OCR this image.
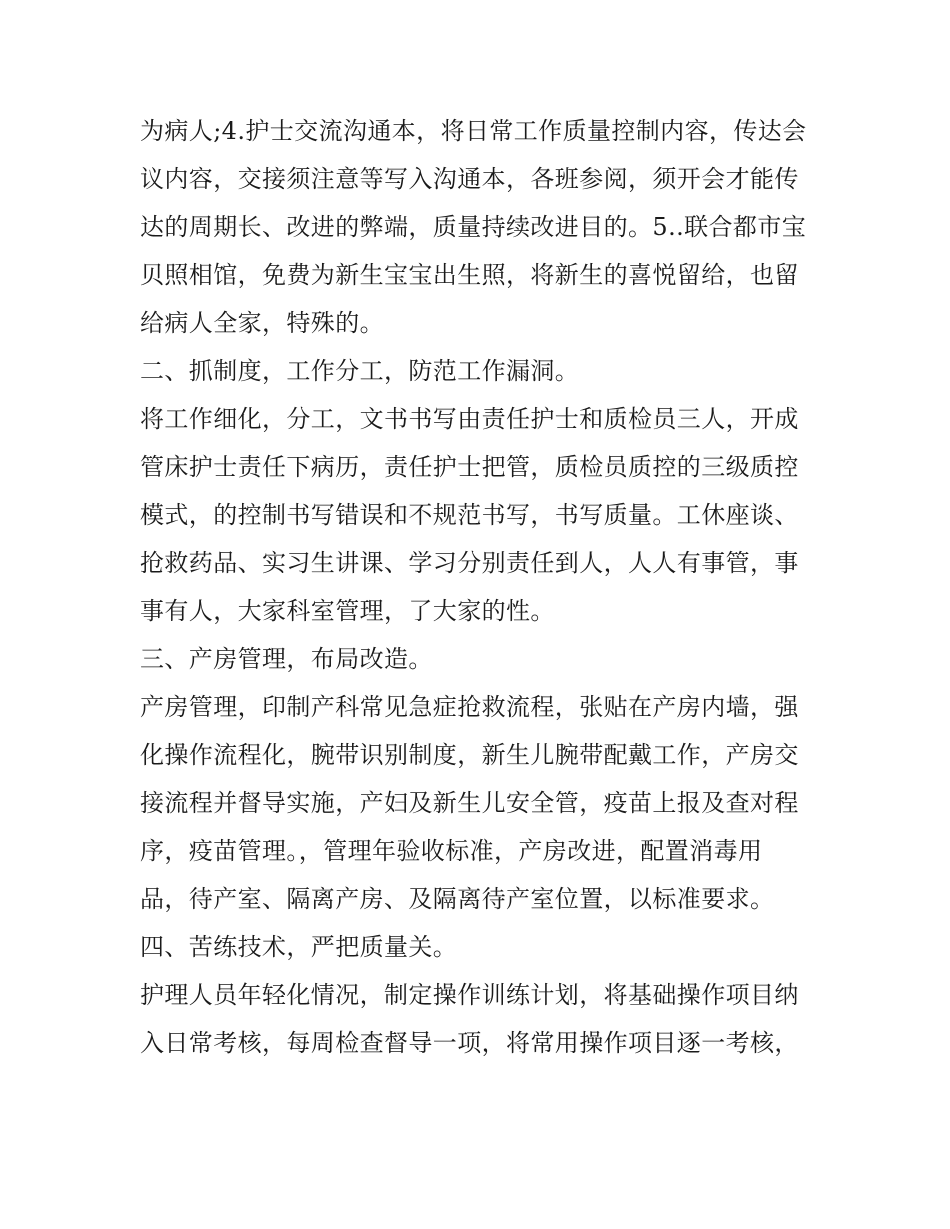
为病人;4.护士交流沟通本，将日常工作质量控制内容，传达会
议内容，交接须注意等写入沟通本，各班参阅，须开会才能传
达的周期长、改进的弊端，质量持续改进目的。5..联合都市宝
贝照相馆，免费为新生宝宝出生照，将新生的喜悦留给，也留
给病人全家，特殊的。
二、抓制度，工作分工，防范工作漏洞。
将工作细化，分工，文书书写由责任护士和质检员三人，开成
管床护士责任下病历，责任护士把管，质检员质控的三级质控
模式，的控制书写错误和不规范书写，书写质量。工休座谈、
抢救药品、实习生讲课、学习分别责任到人，人人有事管，事
事有人，大家科室管理，了大家的性。
三、产房管理，布局改造。
产房管理，印制产科常见急症抢救流程，张贴在产房内墙，强
化操作流程化，腕带识别制度，新生儿腕带配戴工作，产房交
接流程并督导实施，产妇及新生儿安全管，疫苗上报及查对程
序，疫苗管理。，管理年验收标准，产房改进，配置消毒用
品，待产室、隔离产房、及隔离待产室位置，以标准要求。
四、苦练技术，严把质量关。
护理人员年轻化情况，制定操作训练计划，将基础操作项目纳
入日常考核，每周检查督导一项，将常用操作项目逐一考核，
